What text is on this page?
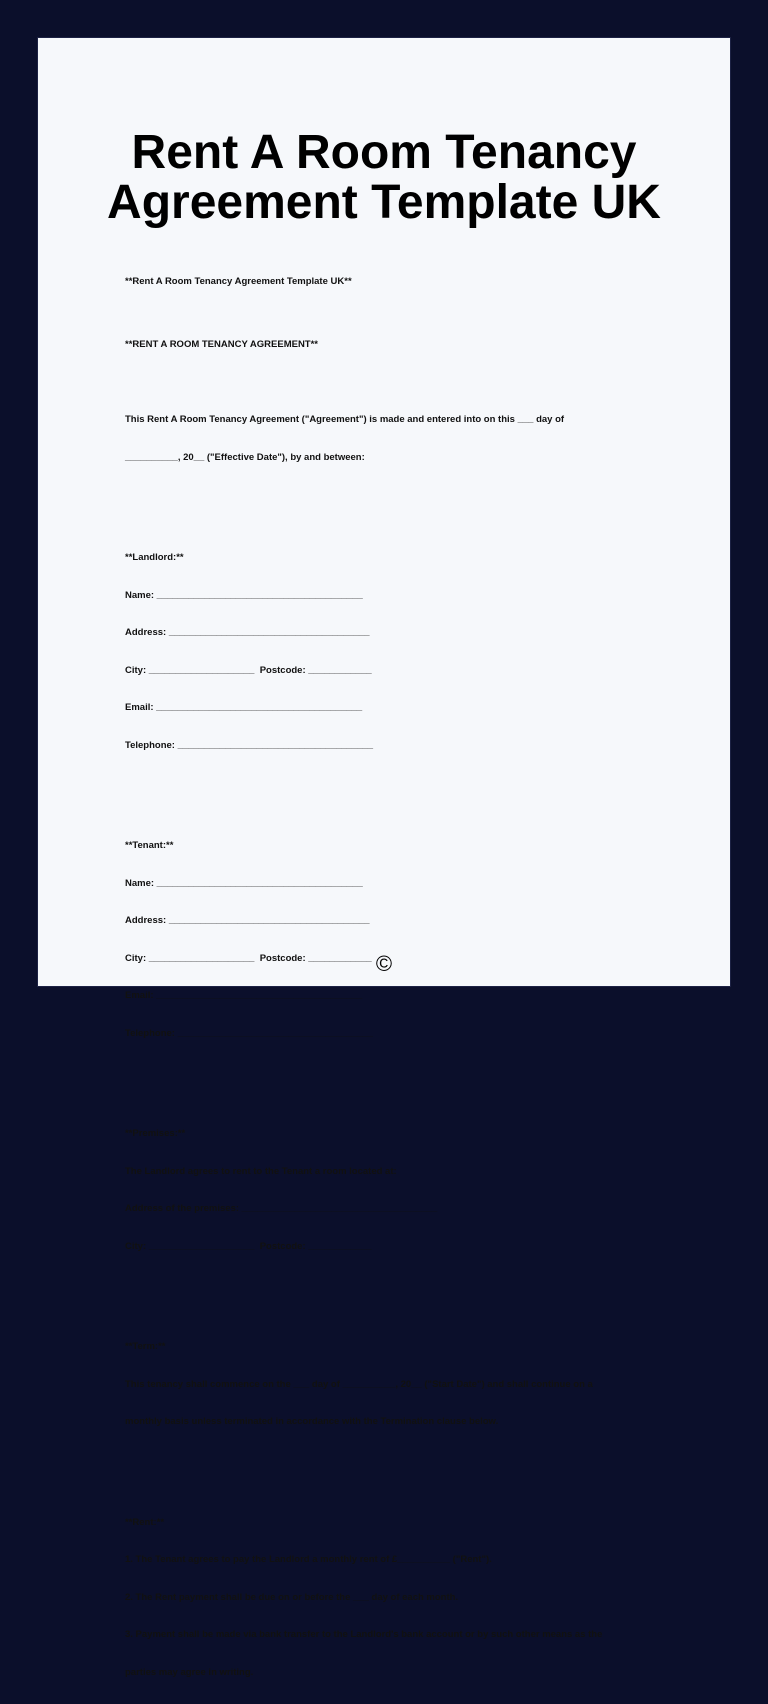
Rent A Room Tenancy Agreement Template UK

**Rent A Room Tenancy Agreement Template UK**

**RENT A ROOM TENANCY AGREEMENT**

This Rent A Room Tenancy Agreement ("Agreement") is made and entered into on this ___ day of

__________, 20__ ("Effective Date"), by and between:

**Landlord:**

Name: _______________________________________

Address: ______________________________________

City: ____________________  Postcode: ____________

Email: _______________________________________

Telephone: _____________________________________

**Tenant:**

Name: _______________________________________

Address: ______________________________________

City: ____________________  Postcode: ____________

Email: _______________________________________

Telephone: _____________________________________

**Premises:**

The Landlord agrees to rent to the Tenant a room located at:

Address of the premises: _____________________________________

City: ____________________  Postcode: ____________

**Term:**

This tenancy shall commence on the ___ day of __________, 20__ ("Start Date") and shall continue on a

monthly basis unless terminated in accordance with the Termination clause below.

**Rent:**

1. The Tenant agrees to pay the Landlord a monthly rent of £__________ ("Rent").

2. The Rent payment shall be due on or before the ___ day of each month.

3. Payment shall be made via bank transfer to the Landlord's bank account or by such other means as the

parties may agree in writing.

©
